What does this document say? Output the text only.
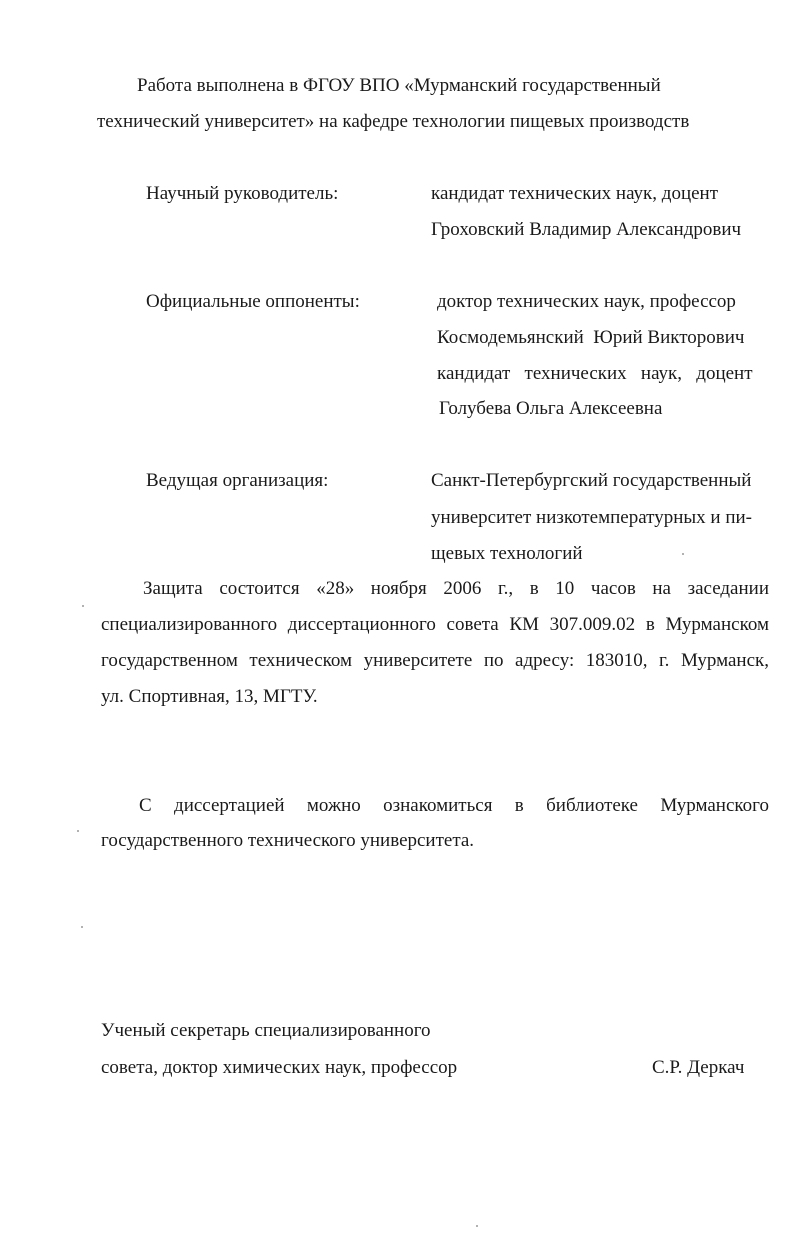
Работа выполнена в ФГОУ ВПО «Мурманский государственный
технический университет» на кафедре технологии пищевых производств
Научный руководитель:	кандидат технических наук, доцент
Гроховский Владимир Александрович
Официальные оппоненты:	доктор технических наук, профессор
Космодемьянский  Юрий Викторович
кандидат   технических   наук,   доцент
Голубева Ольга Алексеевна
Ведущая организация:	Санкт-Петербургский государственный
университет низкотемпературных и пи-
щевых технологий
Защита состоится «28» ноября 2006 г., в 10 часов на заседании
специализированного диссертационного совета КМ 307.009.02 в Мурманском
государственном техническом университете по адресу: 183010, г. Мурманск,
ул. Спортивная, 13, МГТУ.
С диссертацией можно ознакомиться в библиотеке Мурманского
государственного технического университета.
Ученый секретарь специализированного
совета, доктор химических наук, профессор	С.Р. Деркач
